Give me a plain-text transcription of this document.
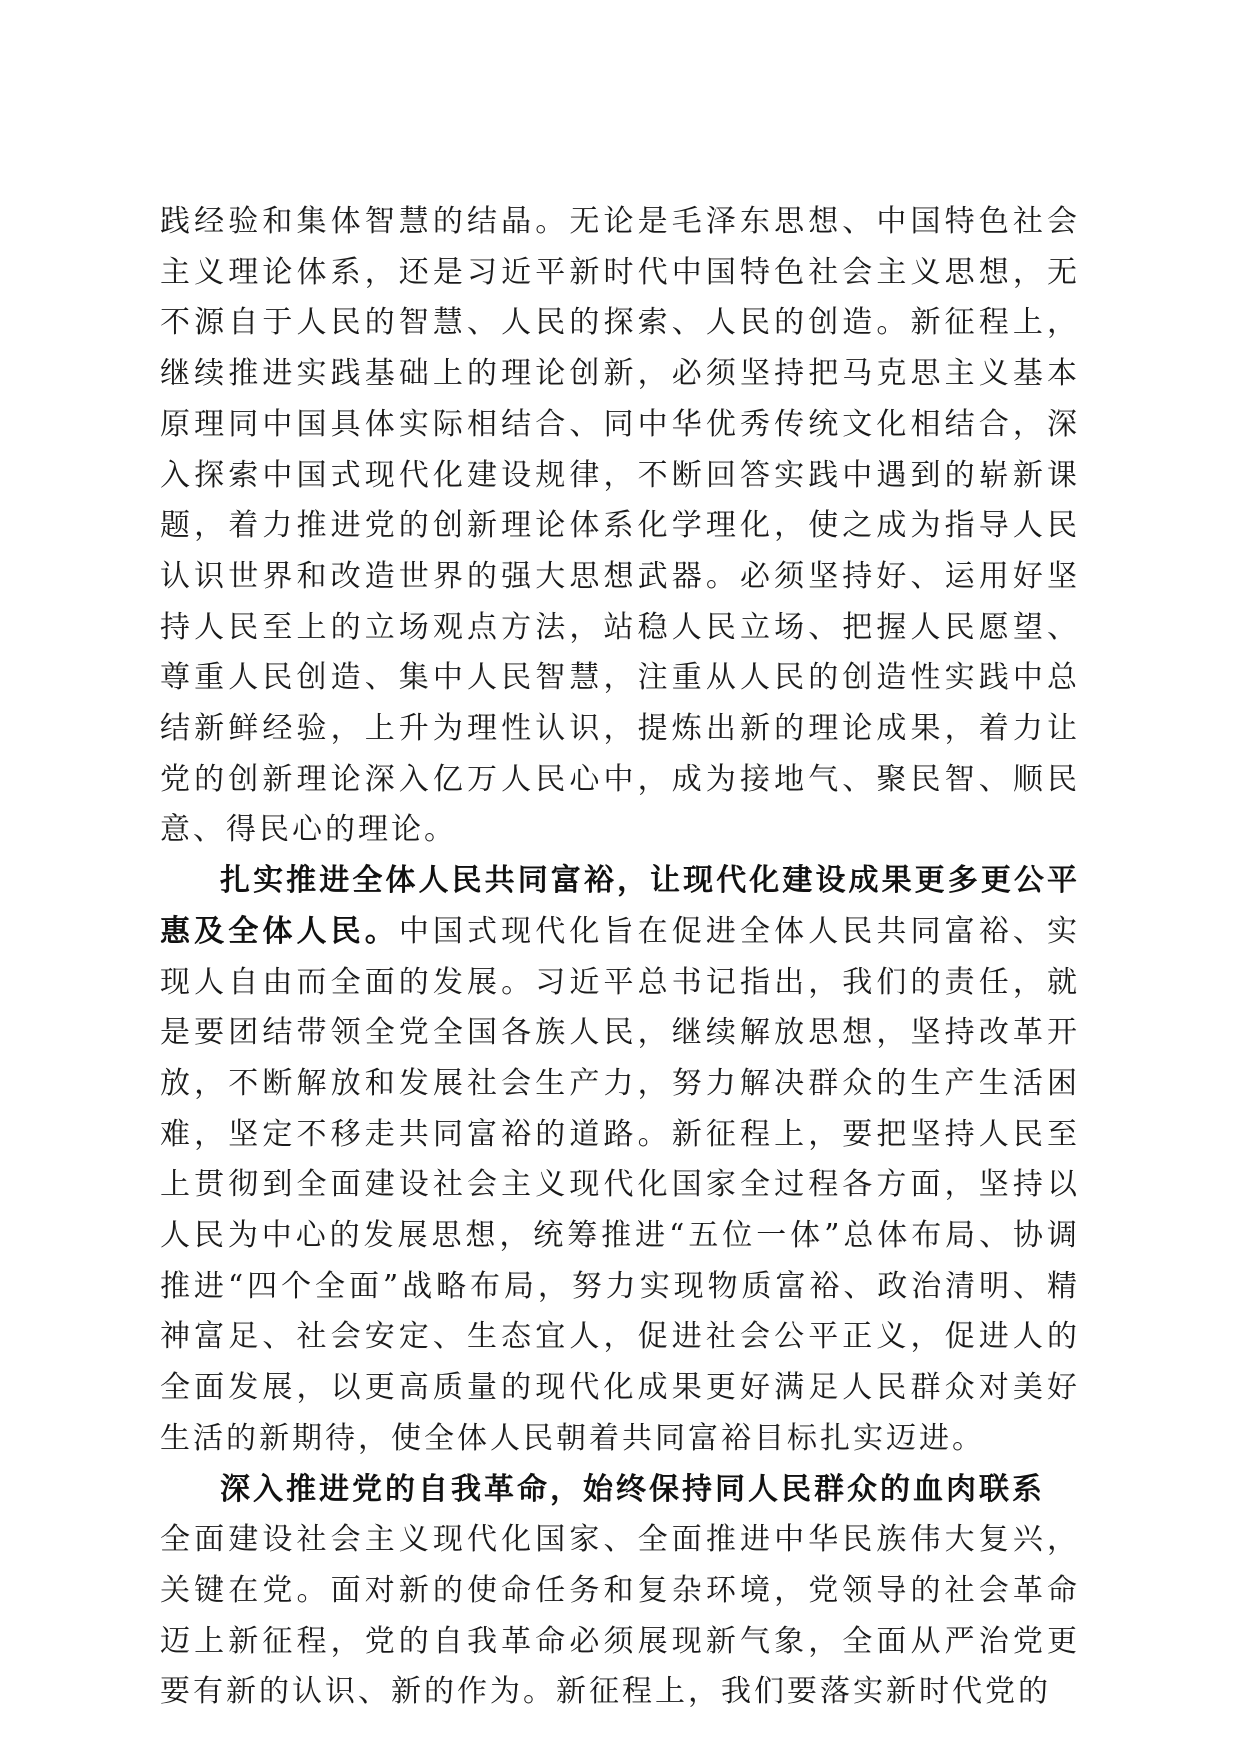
践经验和集体智慧的结晶。无论是毛泽东思想、中国特色社会主义理论体系，还是习近平新时代中国特色社会主义思想，无不源自于人民的智慧、人民的探索、人民的创造。新征程上，继续推进实践基础上的理论创新，必须坚持把马克思主义基本原理同中国具体实际相结合、同中华优秀传统文化相结合，深入探索中国式现代化建设规律，不断回答实践中遇到的崭新课题，着力推进党的创新理论体系化学理化，使之成为指导人民认识世界和改造世界的强大思想武器。必须坚持好、运用好坚持人民至上的立场观点方法，站稳人民立场、把握人民愿望、尊重人民创造、集中人民智慧，注重从人民的创造性实践中总结新鲜经验，上升为理性认识，提炼出新的理论成果，着力让党的创新理论深入亿万人民心中，成为接地气、聚民智、顺民意、得民心的理论。

扎实推进全体人民共同富裕，让现代化建设成果更多更公平惠及全体人民。中国式现代化旨在促进全体人民共同富裕、实现人自由而全面的发展。习近平总书记指出，我们的责任，就是要团结带领全党全国各族人民，继续解放思想，坚持改革开放，不断解放和发展社会生产力，努力解决群众的生产生活困难，坚定不移走共同富裕的道路。新征程上，要把坚持人民至上贯彻到全面建设社会主义现代化国家全过程各方面，坚持以人民为中心的发展思想，统筹推进“五位一体”总体布局、协调推进“四个全面”战略布局，努力实现物质富裕、政治清明、精神富足、社会安定、生态宜人，促进社会公平正义，促进人的全面发展，以更高质量的现代化成果更好满足人民群众对美好生活的新期待，使全体人民朝着共同富裕目标扎实迈进。

深入推进党的自我革命，始终保持同人民群众的血肉联系

全面建设社会主义现代化国家、全面推进中华民族伟大复兴，关键在党。面对新的使命任务和复杂环境，党领导的社会革命迈上新征程，党的自我革命必须展现新气象，全面从严治党更要有新的认识、新的作为。新征程上，我们要落实新时代党的
